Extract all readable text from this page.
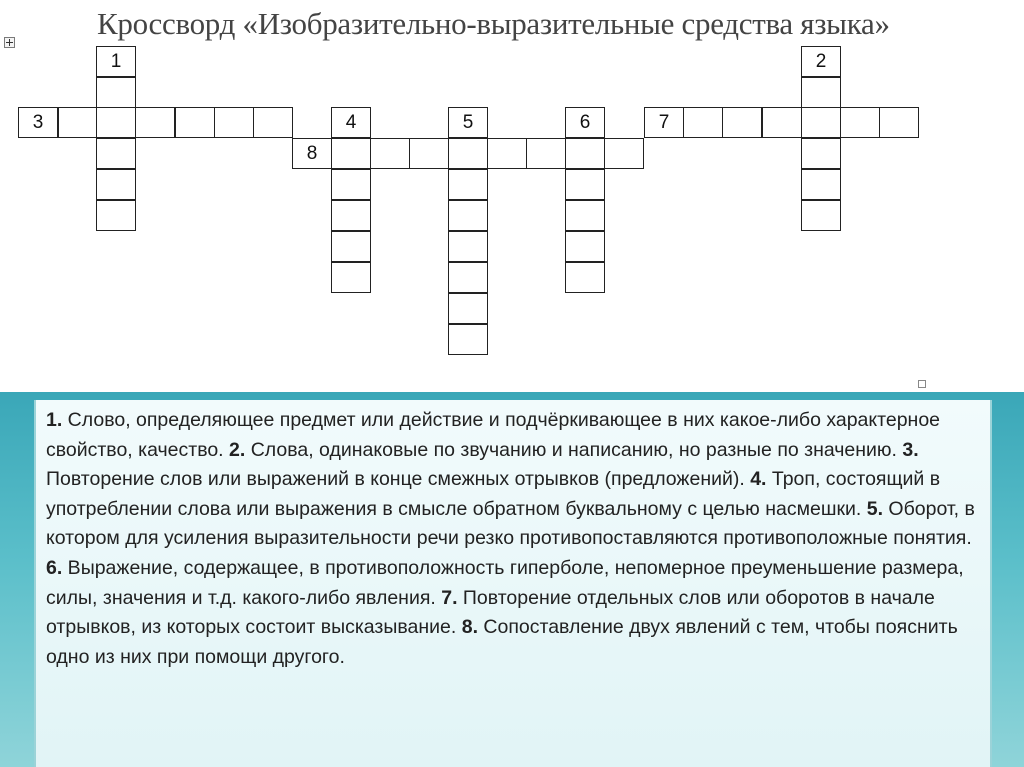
Кроссворд «Изобразительно-выразительные средства языка»
3	7
8
1	2
4	5	6
1. Слово, определяющее предмет или действие и подчёркивающее в них какое-либо характерное свойство, качество. 2. Слова, одинаковые по звучанию и написанию, но разные по значению. 3. Повторение слов или выражений в конце смежных отрывков (предложений). 4. Троп, состоящий в употреблении слова или выражения в смысле обратном буквальному с целью насмешки. 5. Оборот, в котором для усиления выразительности речи резко противопоставляются противоположные понятия. 6. Выражение, содержащее, в противоположность гиперболе, непомерное преуменьшение размера, силы, значения и т.д. какого-либо явления. 7. Повторение отдельных слов или оборотов в начале отрывков, из которых состоит высказывание. 8. Сопоставление двух явлений с тем, чтобы пояснить одно из них при помощи другого.
